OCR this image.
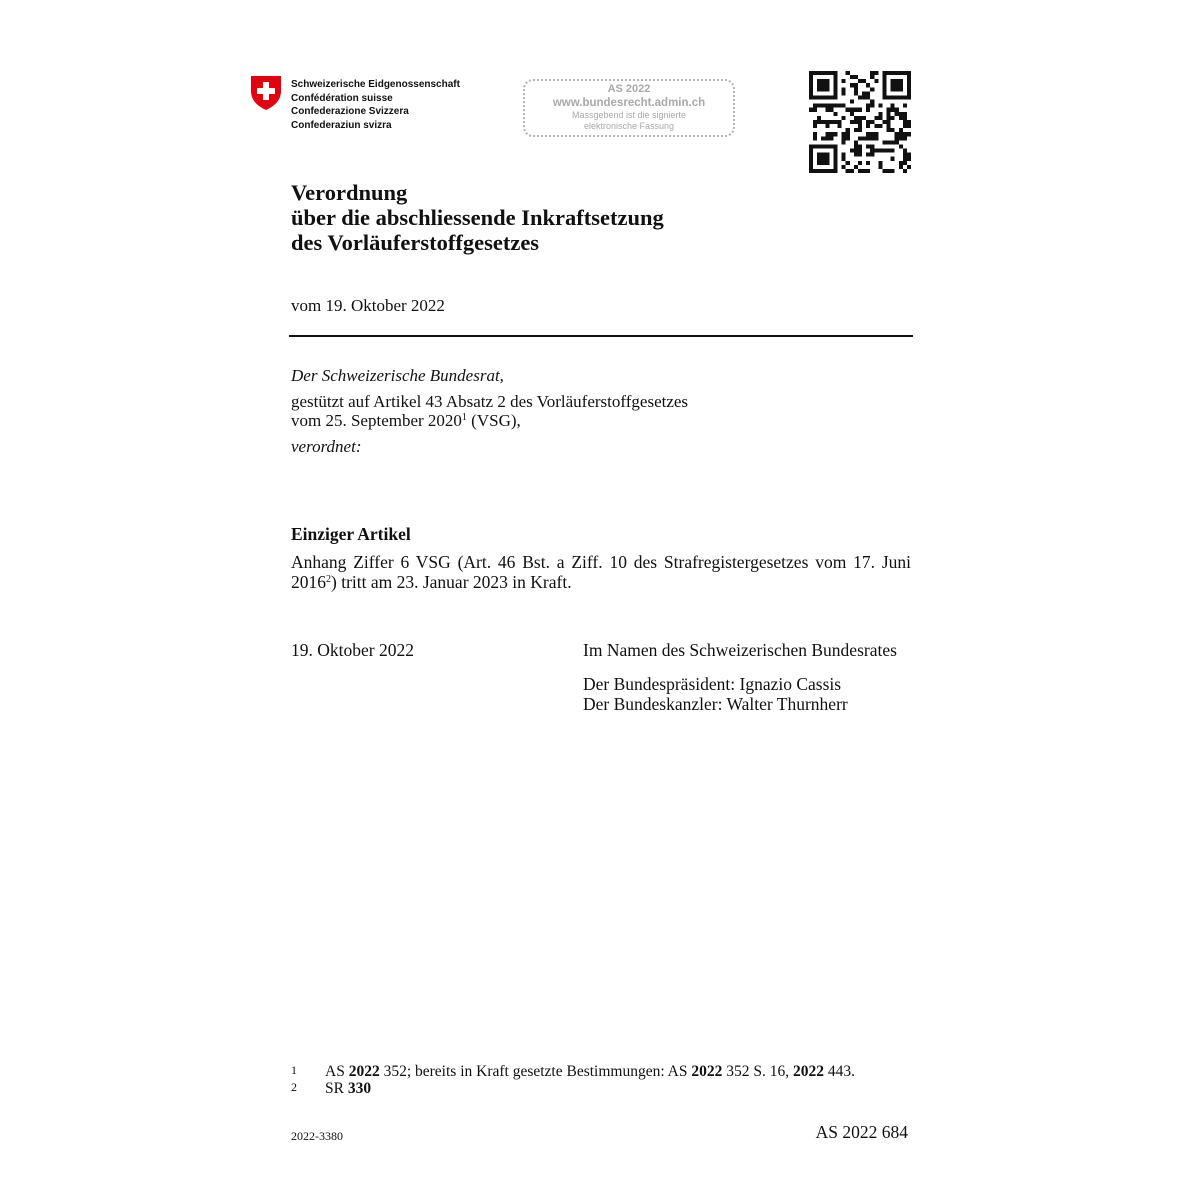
Schweizerische Eidgenossenschaft
Confédération suisse
Confederazione Svizzera
Confederaziun svizra
AS 2022
www.bundesrecht.admin.ch
Massgebend ist die signierte
elektronische Fassung
Verordnung
über die abschliessende Inkraftsetzung
des Vorläuferstoffgesetzes
vom 19. Oktober 2022
Der Schweizerische Bundesrat,
gestützt auf Artikel 43 Absatz 2 des Vorläuferstoffgesetzes
vom 25. September 2020$^1$ (VSG),
verordnet:
Einziger Artikel
Anhang Ziffer 6 VSG (Art. 46 Bst. a Ziff. 10 des Strafregistergesetzes vom 17. Juni 2016$^2$) tritt am 23. Januar 2023 in Kraft.
19. Oktober 2022	Im Namen des Schweizerischen Bundesrates
Der Bundespräsident: Ignazio Cassis
Der Bundeskanzler: Walter Thurnherr
1	AS 2022 352; bereits in Kraft gesetzte Bestimmungen: AS 2022 352 S. 16, 2022 443.
2	SR 330
2022-3380	AS 2022 684
